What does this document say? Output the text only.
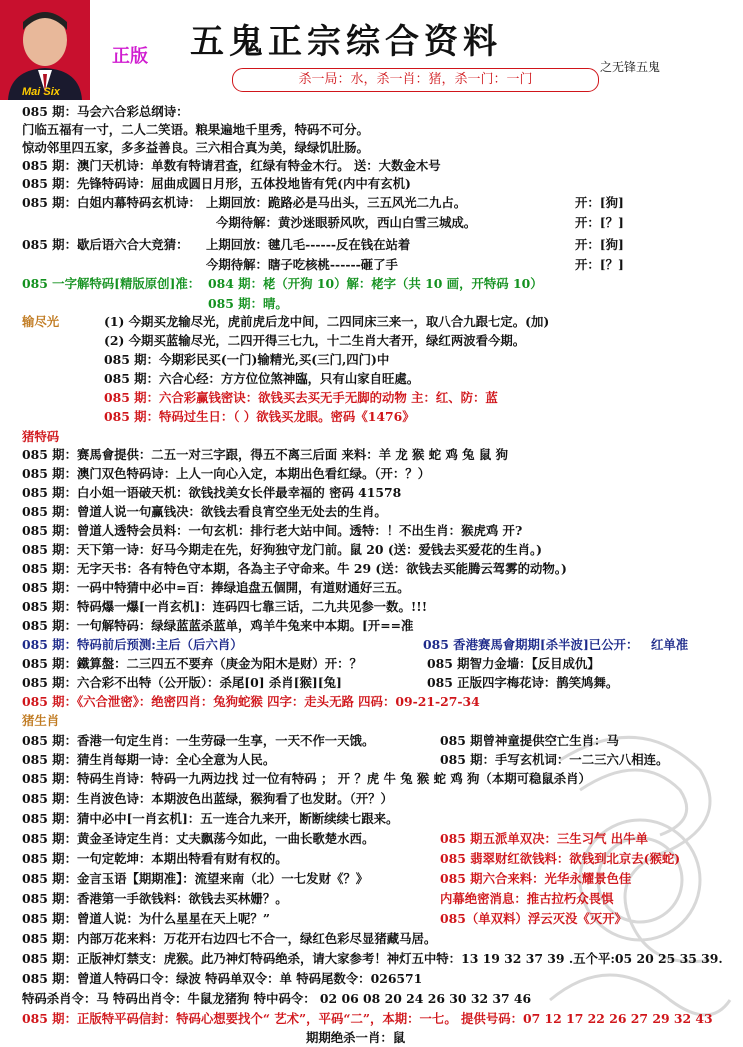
Mai Six
正版 五鬼正宗综合资料
之无锋五鬼
杀一局：水，杀一肖：猪，杀一门：一门
085 期：马会六合彩总纲诗：
门临五福有一寸，二人二笑语。粮果遍地千里秀，特码不可分。
惊动邻里四五家，多多益善良。三六相合真为美，绿绿饥肚肠。
085 期：澳门天机诗：单数有特请君查，红绿有特金木行。 送：大数金木号
085 期：先锋特码诗：屈曲成圆日月形，五体投地皆有凭(内中有玄机)
085 期：白姐内幕特码玄机诗： 上期回放：跪路必是马出头，三五风光二九占。	开：[狗]
今期待解：黄沙迷眼骄风吹，西山白雪三城成。	开：[？]
085 期：歇后语六合大竞猜： 上期回放：毽几毛------反在钱在站着	开：[狗]
今期待解：瞎子吃核桃------砸了手	开：[？]
085 一字解特码[精版原创]准： 084 期：栳（开狗 10）解：栳字（共 10 画，开特码 10）
085 期：晴。
输尽光	(1) 今期买龙输尽光，虎前虎后龙中间，二四同床三来一，取八合九跟七定。(加)
(2) 今期买蓝输尽光，二四开得三七九，十二生肖大者开，绿红两波看今期。
085 期：今期彩民买(一门)输精光,买(三门,四门)中
085 期：六合心经：方方位位煞神臨，只有山家自旺處。
085 期：六合彩赢钱密诀：欲钱买去买无手无脚的动物 主：红、防：蓝
085 期：特码过生日：（ ）欲钱买龙眼。密码《1476》
猪特码
085 期：赛馬會提供：二五一对三字跟，得五不离三后面 来料：羊 龙 猴 蛇 鸡 兔 鼠 狗
085 期：澳门双色特码诗：上人一向心入定，本期出色看红绿。（开：？）
085 期：白小姐一语破天机：欲钱找美女长伴最幸福的 密码 41578
085 期：曾道人说一句赢钱决：欲钱去看良宵空坐无处去的生肖。
085 期：曾道人透特会员料：一句玄机：排行老大站中间。透特：！不出生肖：猴虎鸡 开?
085 期：天下第一诗：好马今期走在先，好狗独守龙门前。鼠 20 (送：爱钱去买爱花的生肖。)
085 期：无字天书：各有特色守本期，各為主子守命来。牛 29 (送：欲钱去买能腾云驾雾的动物。)
085 期：一码中特猜中必中=百：捧绿追盘五個開，有道财通好三五。
085 期：特码爆一爆[一肖玄机]：连码四七靠三话，二九共见参一数。!!!
085 期：一句解特码：绿绿蓝蓝杀蓝单，鸡羊牛兔来中本期。[开==准
085 期：特码前后预测:主后（后六肖）	085 香港赛馬會期期[杀半波]已公开： 红单准
085 期：鐵算盤：二三四五不要弃（庚金为阳木是财）开：？	085 期智力金墙：【反目成仇】
085 期：六合彩不出特（公开版）：杀尾[0] 杀肖[猴][兔]	085 正版四字梅花诗：鹊笑鸠舞。
085 期：《六合泄密》：绝密四肖：兔狗蛇猴 四字：走头无路 四码：09-21-27-34
猪生肖
085 期：香港一句定生肖：一生劳碌一生享，一天不作一天饿。	085 期曾神童提供空亡生肖：马
085 期：猜生肖每期一诗：全心全意为人民。	085 期：手写玄机词：一二三六八相连。
085 期：特码生肖诗：特码一九两边找 过一位有特码 ； 开 ？虎 牛 兔 猴 蛇 鸡 狗（本期可稳鼠杀肖）
085 期：生肖波色诗：本期波色出蓝绿，猴狗看了也发財。（开？）
085 期：猜中必中[一肖玄机]：五一连合九来开，断断续续七跟来。
085 期：黄金圣诗定生肖：丈夫飘荡今如此，一曲长歌楚水西。	085 期五派单双决：三生习气 出牛单
085 期：一句定乾坤：本期出特看有财有权的。	085 翡翠财红欲钱料：欲钱到北京去(猴蛇)
085 期：金言玉语【期期准】：流望来南（北）一七发财《？》	085 期六合来料：光华永耀景色佳
085 期：香港第一手欲钱料：欲钱去买林姗？。	内幕绝密消息：推古拉朽众畏惧
085 期：曾道人说：为什么星星在天上呢？”	085（单双料）浮云灭没《灭开》
085 期：内部万花来料：万花开右边四七不合一，绿红色彩尽显猪藏马居。
085 期：正版神灯禁支：虎猴。此乃神灯特码绝杀，请大家参考！神灯五中特：13 19 32 37 39 .五个平:05 20 25 35 39.
085 期：曾道人特码口令：绿波 特码单双令：单 特码尾数令：026571
特码杀肖令：马 特码出肖令：牛鼠龙猪狗 特中码令： 02 06 08 20 24 26 30 32 37 46
085 期：正版特平码信封：特码心想要找个“ 艺术”，平码“二”，本期：一七。 提供号码：07 12 17 22 26 27 29 32 43
期期绝杀一肖：鼠
